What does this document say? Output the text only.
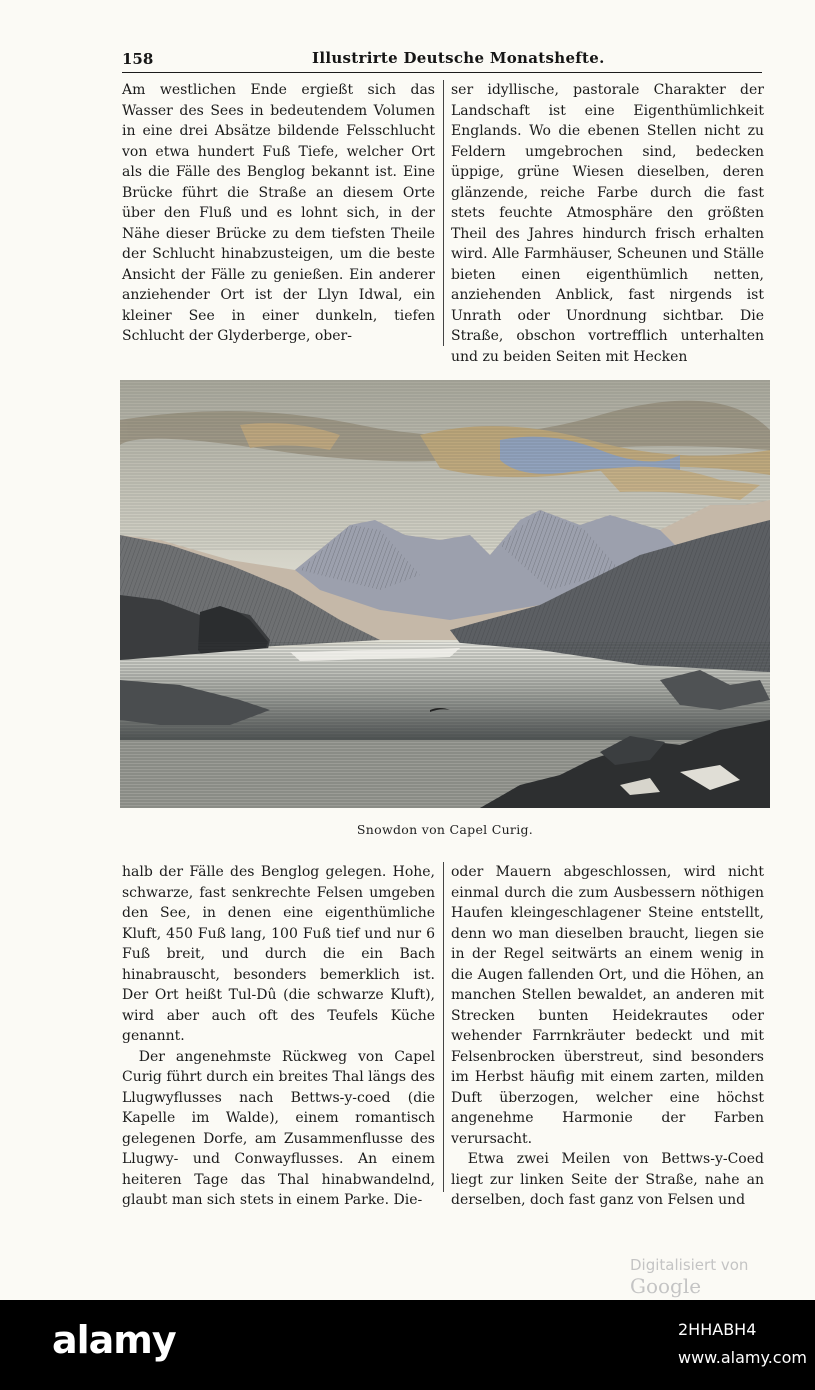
158	Illustrirte Deutsche Monatshefte.

Am westlichen Ende ergießt sich das Wasser des Sees in bedeutendem Volumen in eine drei Absätze bildende Felsschlucht von etwa hundert Fuß Tiefe, welcher Ort als die Fälle des Benglog bekannt ist. Eine Brücke führt die Straße an diesem Orte über den Fluß und es lohnt sich, in der Nähe dieser Brücke zu dem tiefsten Theile der Schlucht hinabzusteigen, um die beste Ansicht der Fälle zu genießen. Ein anderer anziehender Ort ist der Llyn Idwal, ein kleiner See in einer dunkeln, tiefen Schlucht der Glyderberge, ober-

ser idyllische, pastorale Charakter der Landschaft ist eine Eigenthümlichkeit Englands. Wo die ebenen Stellen nicht zu Feldern umgebrochen sind, bedecken üppige, grüne Wiesen dieselben, deren glänzende, reiche Farbe durch die fast stets feuchte Atmosphäre den größten Theil des Jahres hindurch frisch erhalten wird. Alle Farmhäuser, Scheunen und Ställe bieten einen eigenthümlich netten, anziehenden Anblick, fast nirgends ist Unrath oder Unordnung sichtbar. Die Straße, obschon vortrefflich unterhalten und zu beiden Seiten mit Hecken

Snowdon von Capel Curig.

halb der Fälle des Benglog gelegen. Hohe, schwarze, fast senkrechte Felsen umgeben den See, in denen eine eigenthümliche Kluft, 450 Fuß lang, 100 Fuß tief und nur 6 Fuß breit, und durch die ein Bach hinabrauscht, besonders bemerklich ist. Der Ort heißt Tul-Dû (die schwarze Kluft), wird aber auch oft des Teufels Küche genannt.

Der angenehmste Rückweg von Capel Curig führt durch ein breites Thal längs des Llugwyflusses nach Bettws-y-coed (die Kapelle im Walde), einem romantisch gelegenen Dorfe, am Zusammenflusse des Llugwy- und Conwayflusses. An einem heiteren Tage das Thal hinabwandelnd, glaubt man sich stets in einem Parke. Die-

oder Mauern abgeschlossen, wird nicht einmal durch die zum Ausbessern nöthigen Haufen kleingeschlagener Steine entstellt, denn wo man dieselben braucht, liegen sie in der Regel seitwärts an einem wenig in die Augen fallenden Ort, und die Höhen, an manchen Stellen bewaldet, an anderen mit Strecken bunten Heidekrautes oder wehender Farrnkräuter bedeckt und mit Felsenbrocken überstreut, sind besonders im Herbst häufig mit einem zarten, milden Duft überzogen, welcher eine höchst angenehme Harmonie der Farben verursacht.

Etwa zwei Meilen von Bettws-y-Coed liegt zur linken Seite der Straße, nahe an derselben, doch fast ganz von Felsen und

Digitalisiert von Google
alamy	2HHABH4
www.alamy.com
